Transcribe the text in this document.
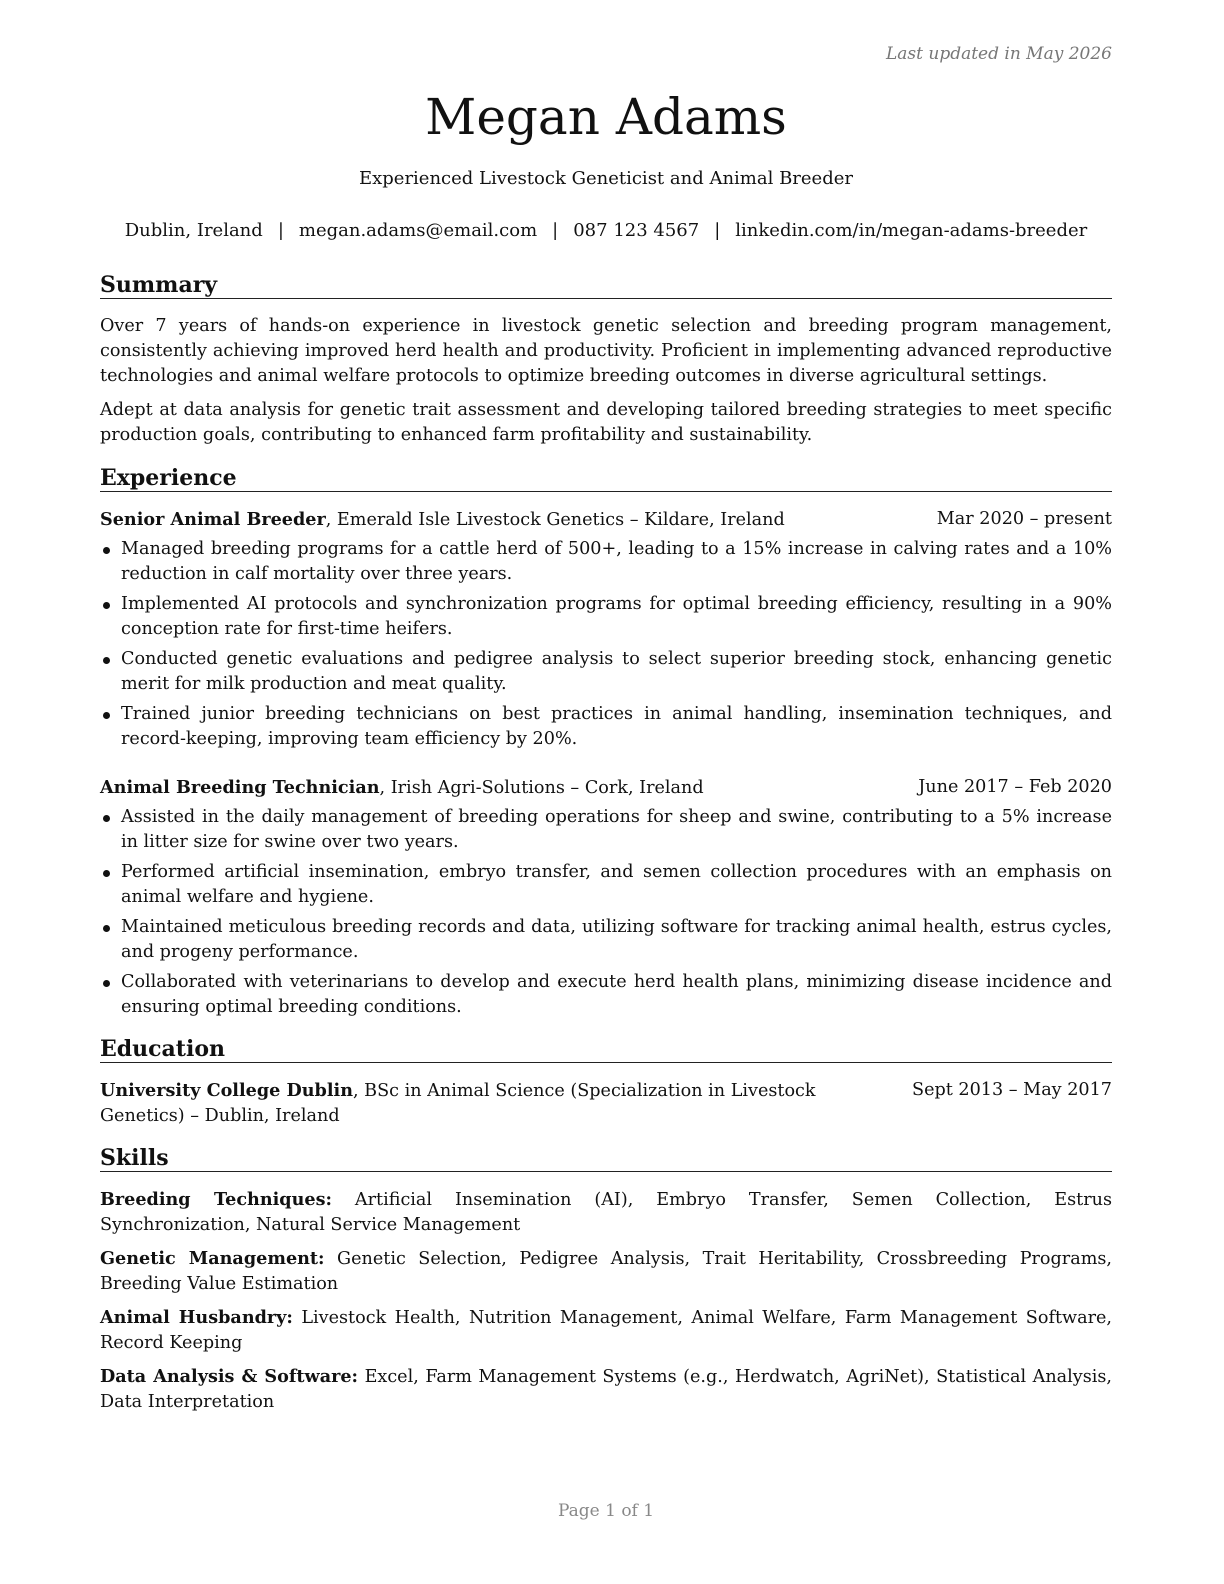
Last updated in May 2026
Megan Adams
Experienced Livestock Geneticist and Animal Breeder
Dublin, Ireland | megan.adams@email.com | 087 123 4567 | linkedin.com/in/megan-adams-breeder
Summary
Over 7 years of hands-on experience in livestock genetic selection and breeding program management, consistently achieving improved herd health and productivity. Proficient in implementing advanced reproductive technologies and animal welfare protocols to optimize breeding outcomes in diverse agricultural settings.
Adept at data analysis for genetic trait assessment and developing tailored breeding strategies to meet specific production goals, contributing to enhanced farm profitability and sustainability.
Experience
Senior Animal Breeder, Emerald Isle Livestock Genetics – Kildare, Ireland	Mar 2020 – present
Managed breeding programs for a cattle herd of 500+, leading to a 15% increase in calving rates and a 10% reduction in calf mortality over three years.
Implemented AI protocols and synchronization programs for optimal breeding efficiency, resulting in a 90% conception rate for first-time heifers.
Conducted genetic evaluations and pedigree analysis to select superior breeding stock, enhancing genetic merit for milk production and meat quality.
Trained junior breeding technicians on best practices in animal handling, insemination techniques, and record-keeping, improving team efficiency by 20%.
Animal Breeding Technician, Irish Agri-Solutions – Cork, Ireland	June 2017 – Feb 2020
Assisted in the daily management of breeding operations for sheep and swine, contributing to a 5% increase in litter size for swine over two years.
Performed artificial insemination, embryo transfer, and semen collection procedures with an emphasis on animal welfare and hygiene.
Maintained meticulous breeding records and data, utilizing software for tracking animal health, estrus cycles, and progeny performance.
Collaborated with veterinarians to develop and execute herd health plans, minimizing disease incidence and ensuring optimal breeding conditions.
Education
University College Dublin, BSc in Animal Science (Specialization in Livestock Genetics) – Dublin, Ireland
Sept 2013 – May 2017
Skills
Breeding Techniques: Artificial Insemination (AI), Embryo Transfer, Semen Collection, Estrus Synchronization, Natural Service Management
Genetic Management: Genetic Selection, Pedigree Analysis, Trait Heritability, Crossbreeding Programs, Breeding Value Estimation
Animal Husbandry: Livestock Health, Nutrition Management, Animal Welfare, Farm Management Software, Record Keeping
Data Analysis & Software: Excel, Farm Management Systems (e.g., Herdwatch, AgriNet), Statistical Analysis, Data Interpretation
Page 1 of 1
